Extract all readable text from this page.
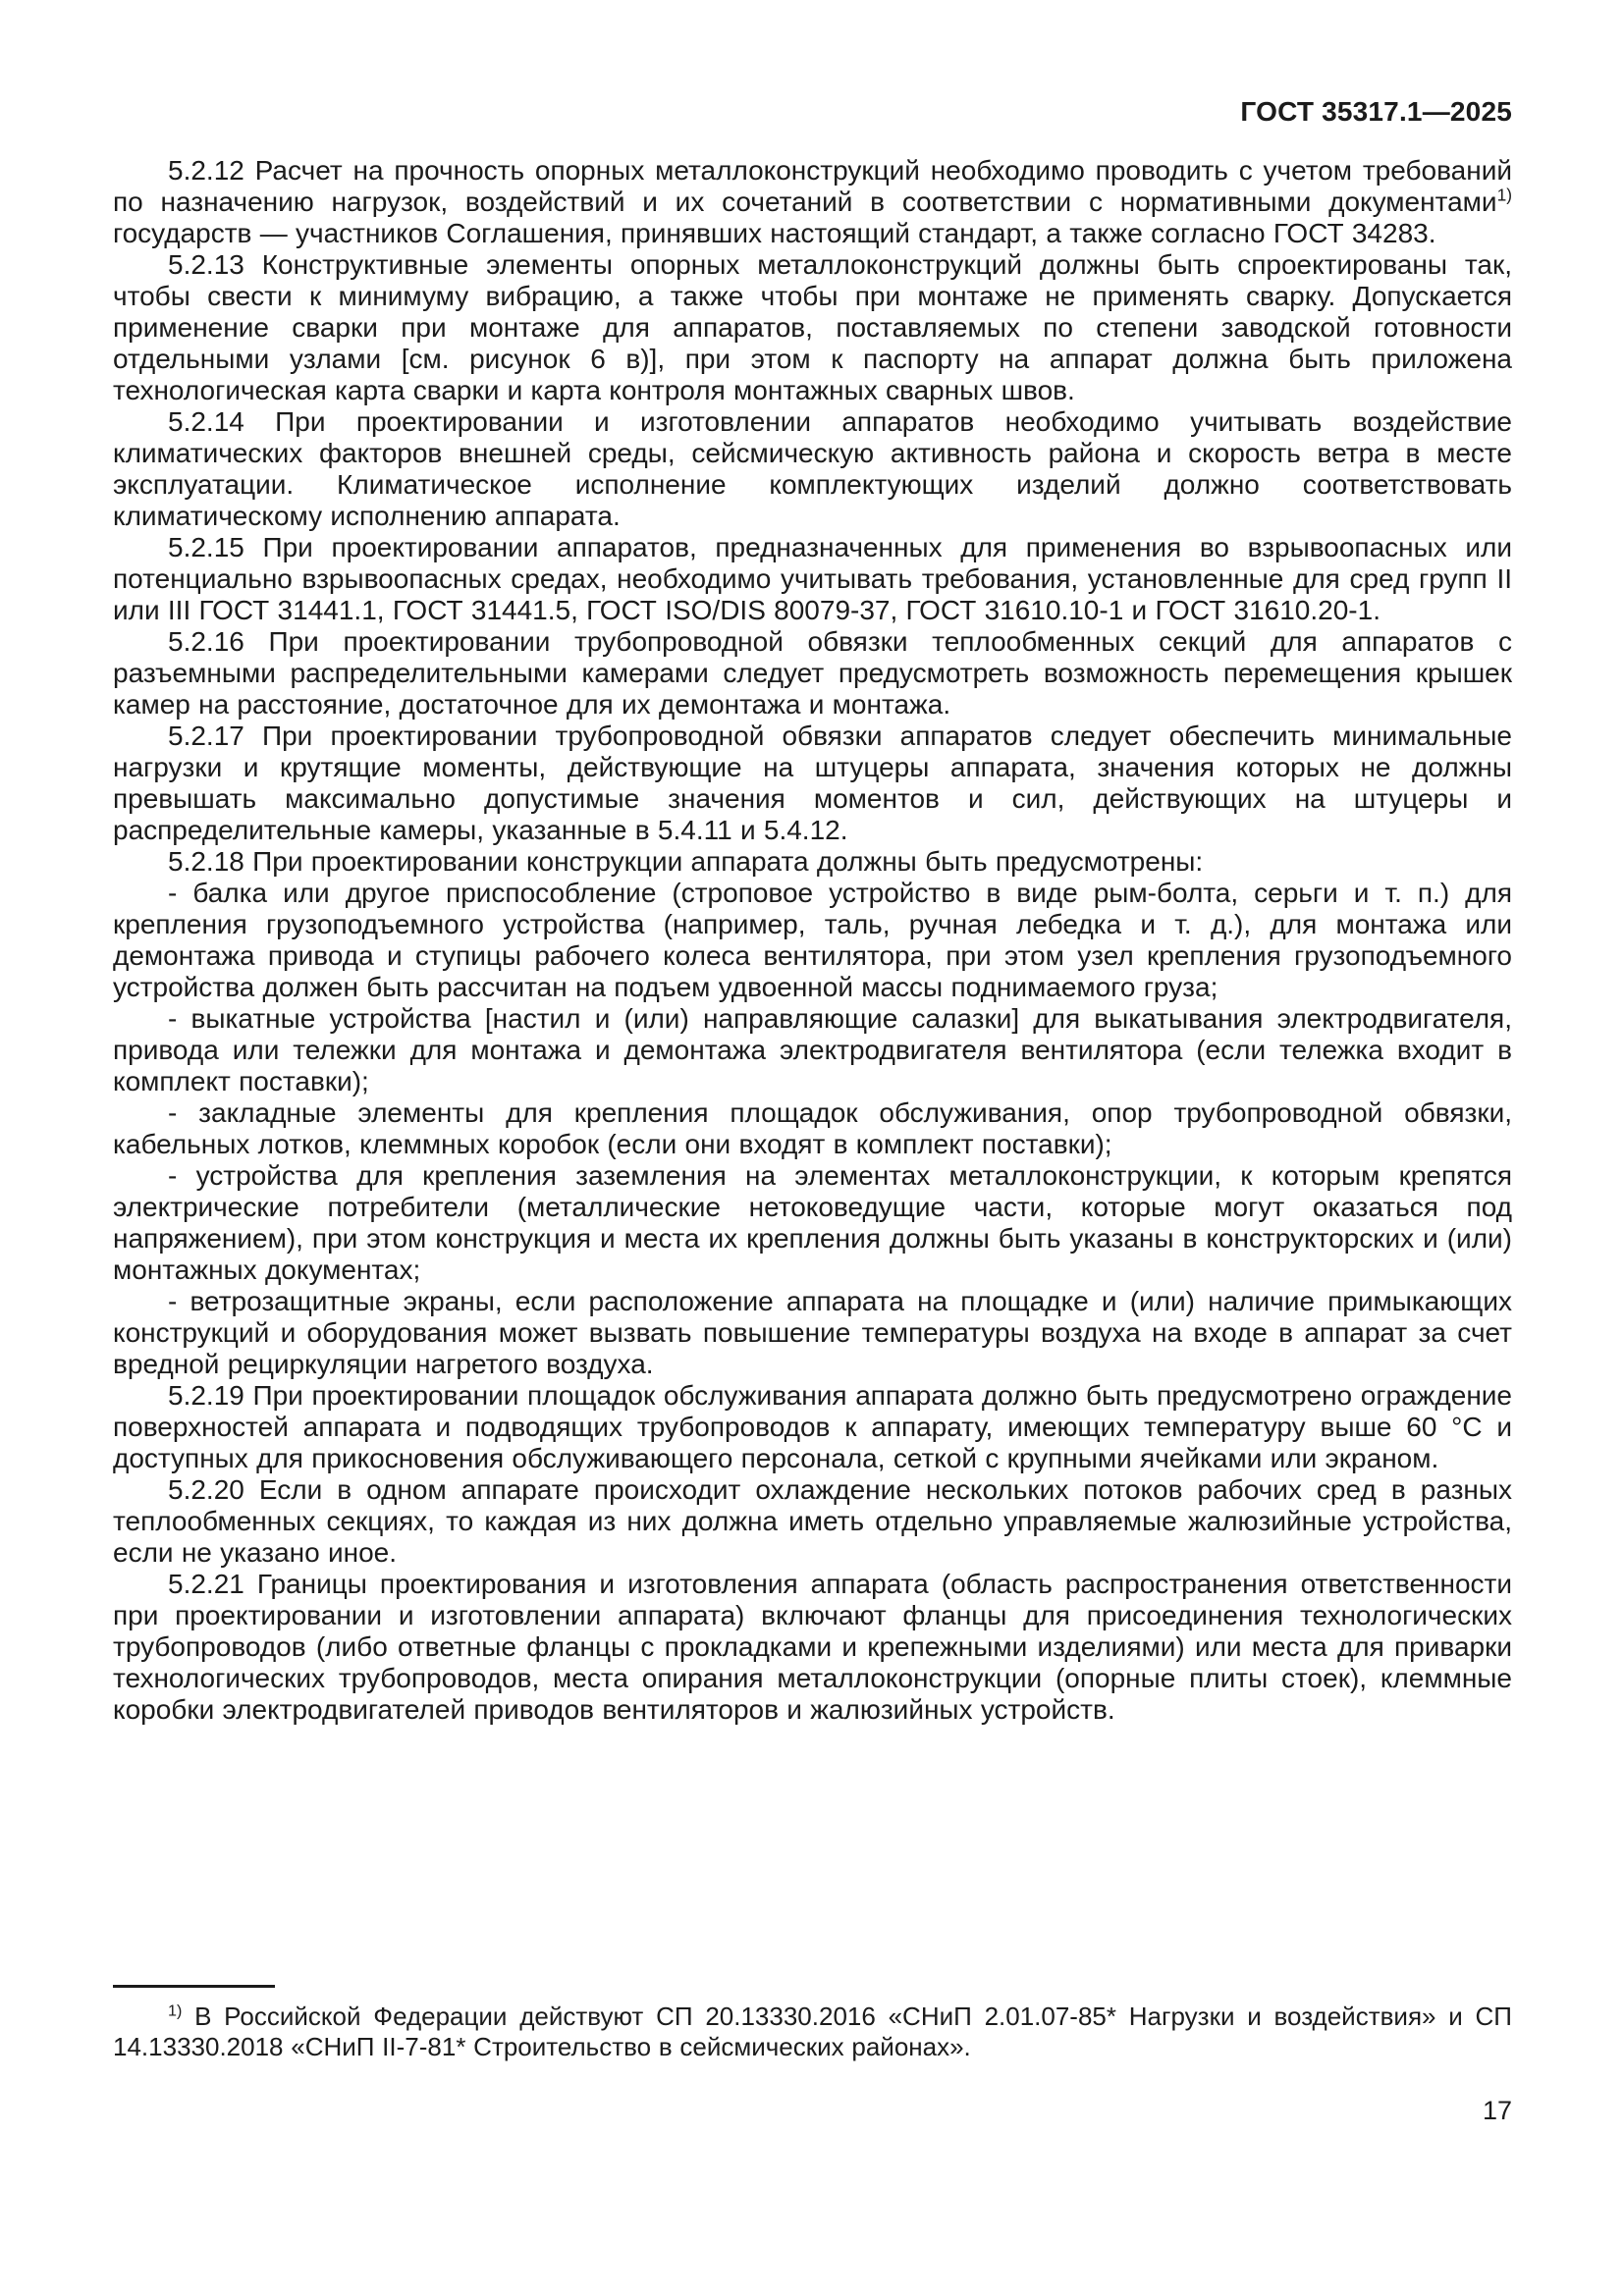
ГОСТ 35317.1—2025

5.2.12 Расчет на прочность опорных металлоконструкций необходимо проводить с учетом требований по назначению нагрузок, воздействий и их сочетаний в соответствии с нормативными документами$^{1)}$ государств — участников Соглашения, принявших настоящий стандарт, а также согласно ГОСТ 34283.

5.2.13 Конструктивные элементы опорных металлоконструкций должны быть спроектированы так, чтобы свести к минимуму вибрацию, а также чтобы при монтаже не применять сварку. Допускается применение сварки при монтаже для аппаратов, поставляемых по степени заводской готовности отдельными узлами [см. рисунок 6 в)], при этом к паспорту на аппарат должна быть приложена технологическая карта сварки и карта контроля монтажных сварных швов.

5.2.14 При проектировании и изготовлении аппаратов необходимо учитывать воздействие климатических факторов внешней среды, сейсмическую активность района и скорость ветра в месте эксплуатации. Климатическое исполнение комплектующих изделий должно соответствовать климатическому исполнению аппарата.

5.2.15 При проектировании аппаратов, предназначенных для применения во взрывоопасных или потенциально взрывоопасных средах, необходимо учитывать требования, установленные для сред групп II или III ГОСТ 31441.1, ГОСТ 31441.5, ГОСТ ISO/DIS 80079-37, ГОСТ 31610.10-1 и ГОСТ 31610.20-1.

5.2.16 При проектировании трубопроводной обвязки теплообменных секций для аппаратов с разъемными распределительными камерами следует предусмотреть возможность перемещения крышек камер на расстояние, достаточное для их демонтажа и монтажа.

5.2.17 При проектировании трубопроводной обвязки аппаратов следует обеспечить минимальные нагрузки и крутящие моменты, действующие на штуцеры аппарата, значения которых не должны превышать максимально допустимые значения моментов и сил, действующих на штуцеры и распределительные камеры, указанные в 5.4.11 и 5.4.12.

5.2.18 При проектировании конструкции аппарата должны быть предусмотрены:

- балка или другое приспособление (строповое устройство в виде рым-болта, серьги и т. п.) для крепления грузоподъемного устройства (например, таль, ручная лебедка и т. д.), для монтажа или демонтажа привода и ступицы рабочего колеса вентилятора, при этом узел крепления грузоподъемного устройства должен быть рассчитан на подъем удвоенной массы поднимаемого груза;

- выкатные устройства [настил и (или) направляющие салазки] для выкатывания электродвигателя, привода или тележки для монтажа и демонтажа электродвигателя вентилятора (если тележка входит в комплект поставки);

- закладные элементы для крепления площадок обслуживания, опор трубопроводной обвязки, кабельных лотков, клеммных коробок (если они входят в комплект поставки);

- устройства для крепления заземления на элементах металлоконструкции, к которым крепятся электрические потребители (металлические нетоковедущие части, которые могут оказаться под напряжением), при этом конструкция и места их крепления должны быть указаны в конструкторских и (или) монтажных документах;

- ветрозащитные экраны, если расположение аппарата на площадке и (или) наличие примыкающих конструкций и оборудования может вызвать повышение температуры воздуха на входе в аппарат за счет вредной рециркуляции нагретого воздуха.

5.2.19 При проектировании площадок обслуживания аппарата должно быть предусмотрено ограждение поверхностей аппарата и подводящих трубопроводов к аппарату, имеющих температуру выше 60 °С и доступных для прикосновения обслуживающего персонала, сеткой с крупными ячейками или экраном.

5.2.20 Если в одном аппарате происходит охлаждение нескольких потоков рабочих сред в разных теплообменных секциях, то каждая из них должна иметь отдельно управляемые жалюзийные устройства, если не указано иное.

5.2.21 Границы проектирования и изготовления аппарата (область распространения ответственности при проектировании и изготовлении аппарата) включают фланцы для присоединения технологических трубопроводов (либо ответные фланцы с прокладками и крепежными изделиями) или места для приварки технологических трубопроводов, места опирания металлоконструкции (опорные плиты стоек), клеммные коробки электродвигателей приводов вентиляторов и жалюзийных устройств.

$^{1)}$ В Российской Федерации действуют СП 20.13330.2016 «СНиП 2.01.07-85* Нагрузки и воздействия» и СП 14.13330.2018 «СНиП II-7-81* Строительство в сейсмических районах».

17
